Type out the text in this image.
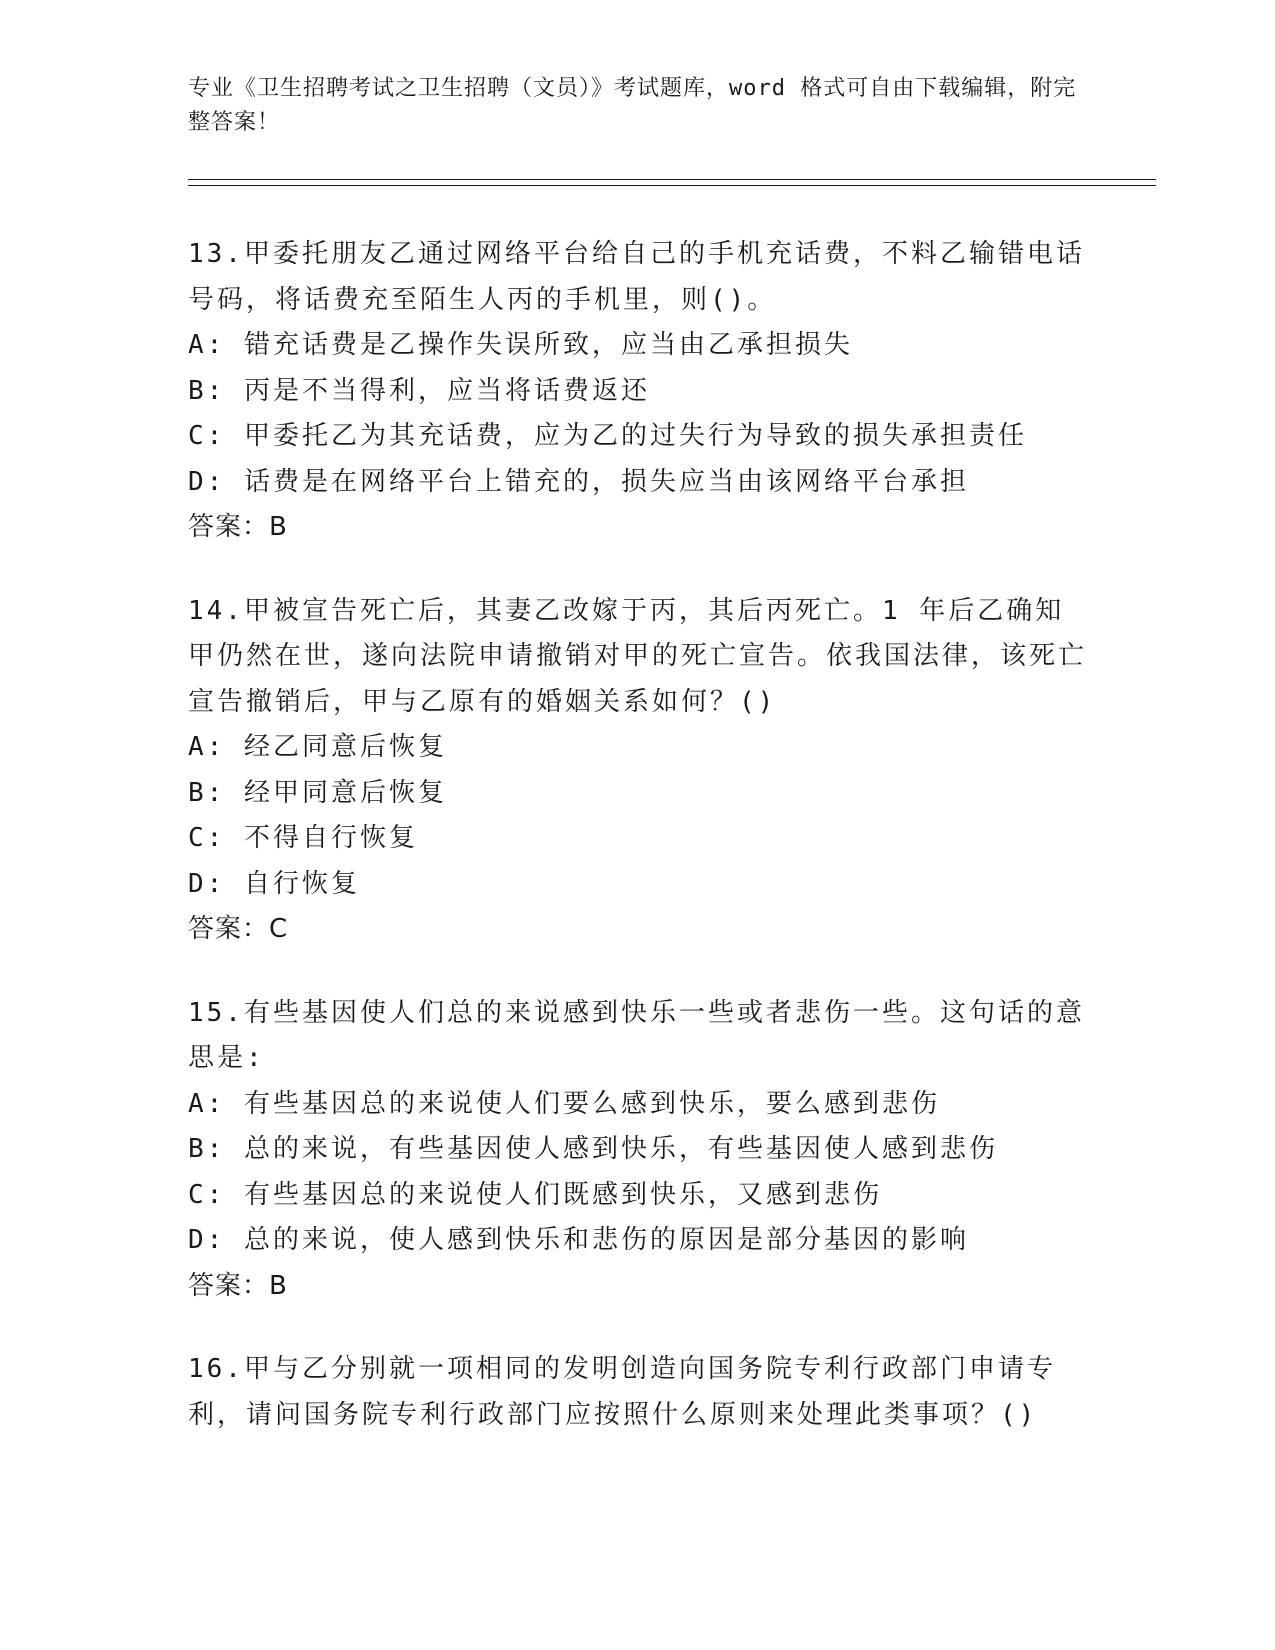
专业《卫生招聘考试之卫生招聘（文员）》考试题库，word 格式可自由下载编辑，附完整答案！
13.甲委托朋友乙通过网络平台给自己的手机充话费，不料乙输错电话号码，将话费充至陌生人丙的手机里，则()。
A: 错充话费是乙操作失误所致，应当由乙承担损失
B: 丙是不当得利，应当将话费返还
C: 甲委托乙为其充话费，应为乙的过失行为导致的损失承担责任
D: 话费是在网络平台上错充的，损失应当由该网络平台承担
答案：B
14.甲被宣告死亡后，其妻乙改嫁于丙，其后丙死亡。1 年后乙确知甲仍然在世，遂向法院申请撤销对甲的死亡宣告。依我国法律，该死亡宣告撤销后，甲与乙原有的婚姻关系如何？()
A: 经乙同意后恢复
B: 经甲同意后恢复
C: 不得自行恢复
D: 自行恢复
答案：C
15.有些基因使人们总的来说感到快乐一些或者悲伤一些。这句话的意思是:
A: 有些基因总的来说使人们要么感到快乐，要么感到悲伤
B: 总的来说，有些基因使人感到快乐，有些基因使人感到悲伤
C: 有些基因总的来说使人们既感到快乐，又感到悲伤
D: 总的来说，使人感到快乐和悲伤的原因是部分基因的影响
答案：B
16.甲与乙分别就一项相同的发明创造向国务院专利行政部门申请专利，请问国务院专利行政部门应按照什么原则来处理此类事项？()
